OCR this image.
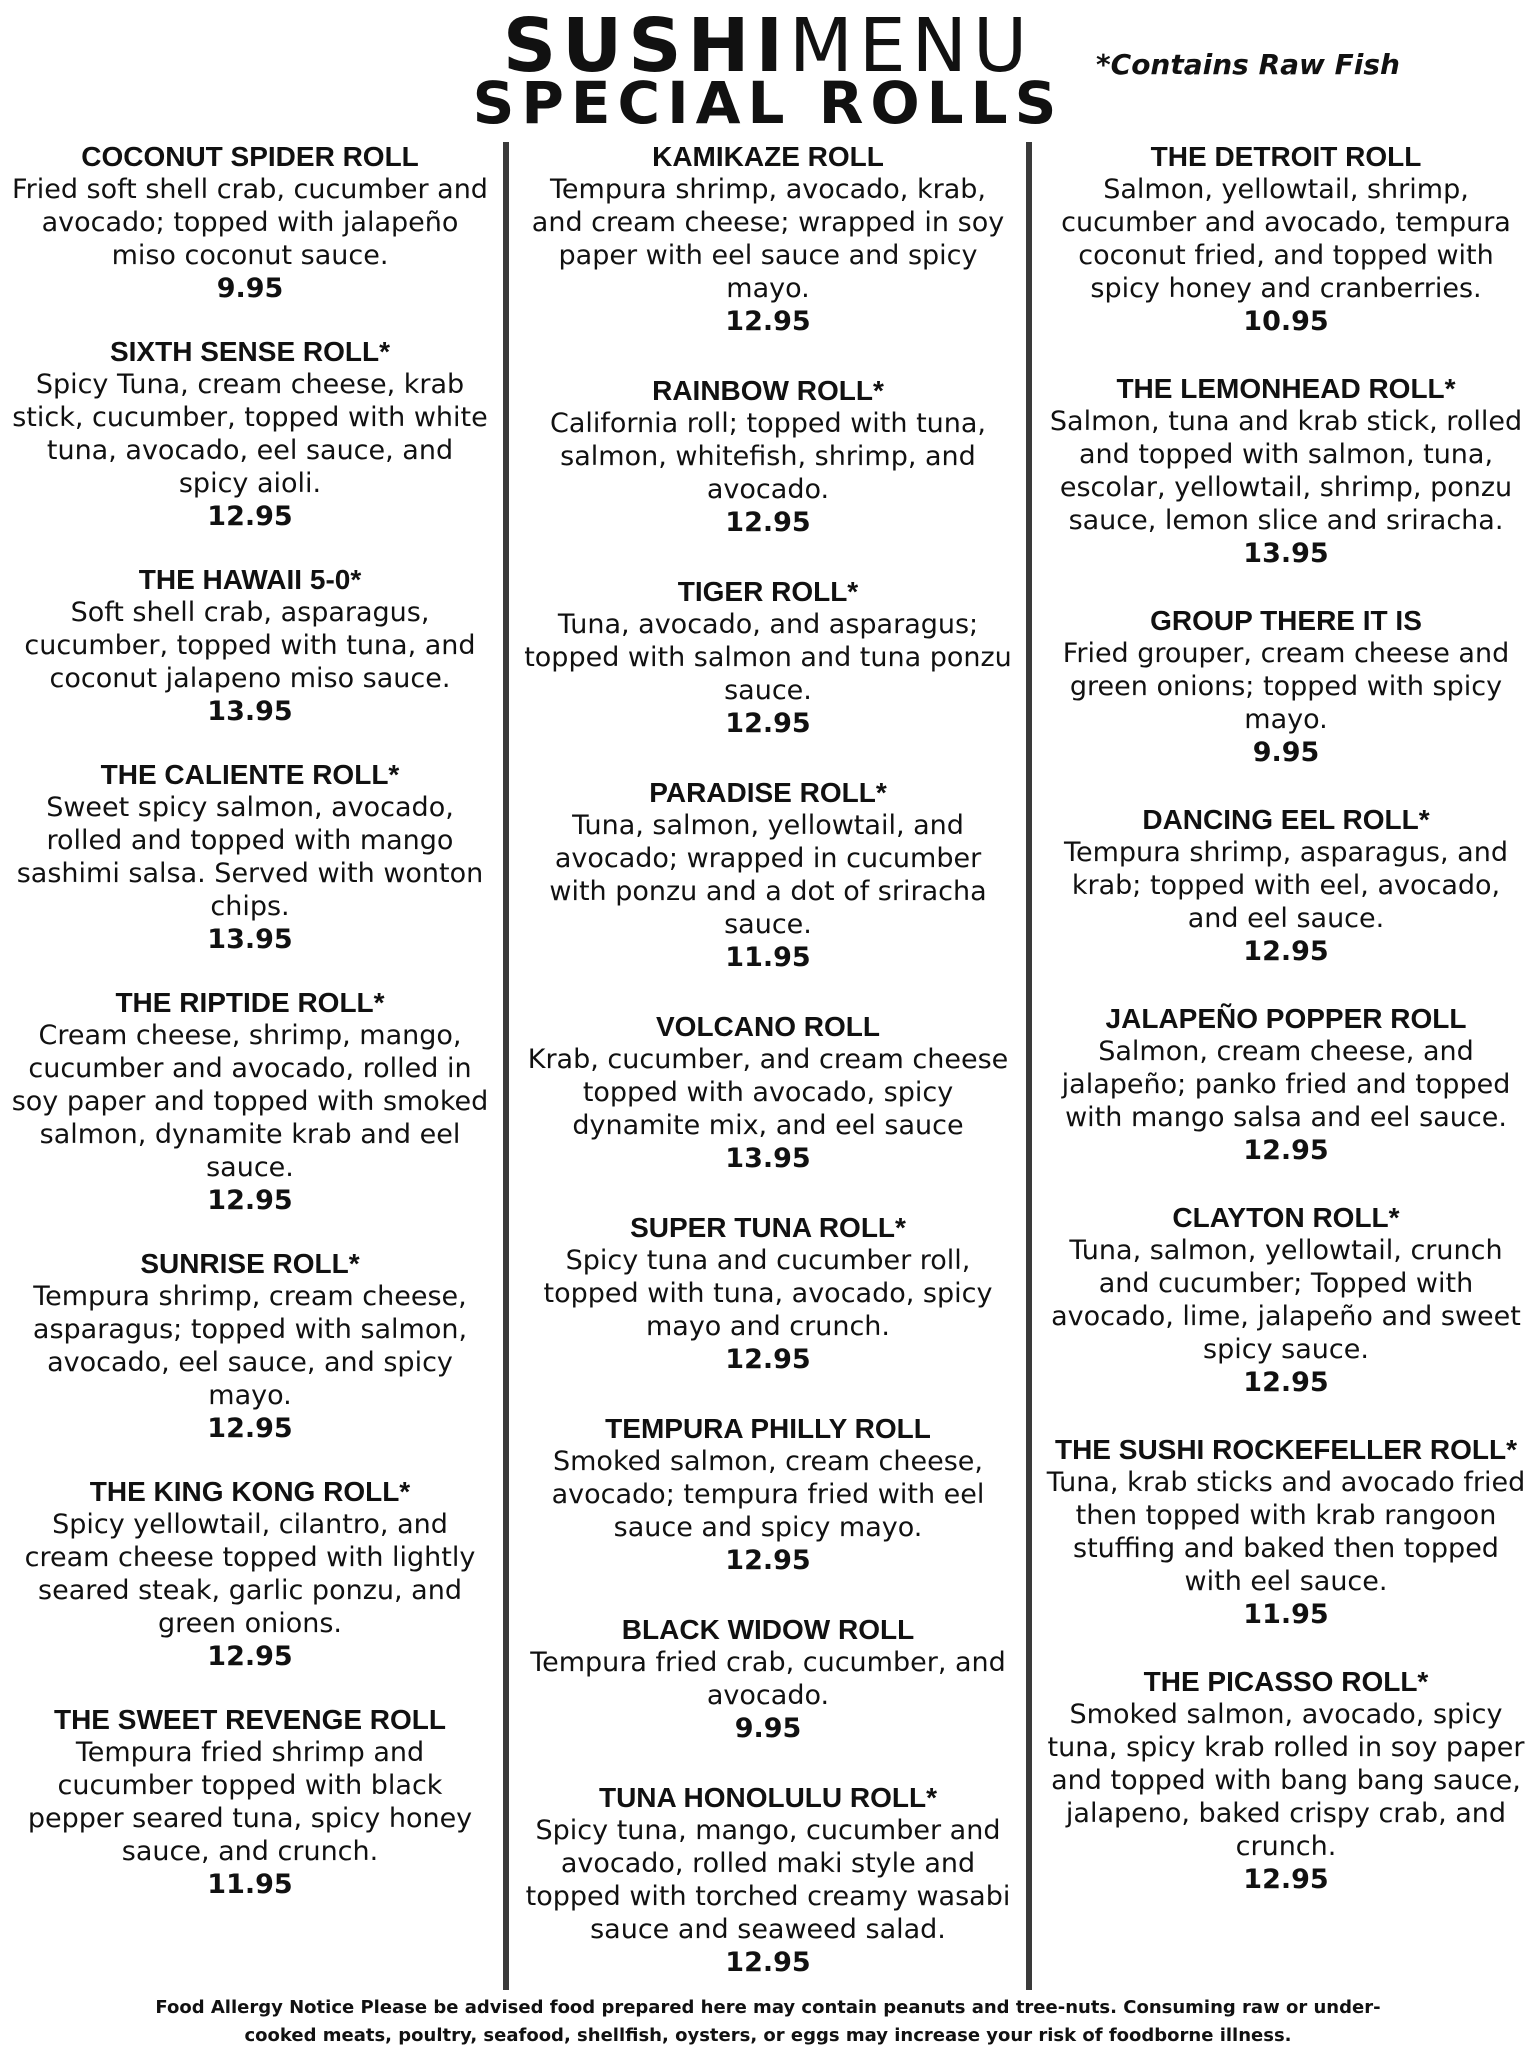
SUSHIMENU
SPECIAL ROLLS
*Contains Raw Fish
COCONUT SPIDER ROLL
Fried soft shell crab, cucumber and avocado; topped with jalapeño miso coconut sauce.
9.95
SIXTH SENSE ROLL*
Spicy Tuna, cream cheese, krab stick, cucumber, topped with white tuna, avocado, eel sauce, and spicy aioli.
12.95
THE HAWAII 5-0*
Soft shell crab, asparagus, cucumber, topped with tuna, and coconut jalapeno miso sauce.
13.95
THE CALIENTE ROLL*
Sweet spicy salmon, avocado, rolled and topped with mango sashimi salsa. Served with wonton chips.
13.95
THE RIPTIDE ROLL*
Cream cheese, shrimp, mango, cucumber and avocado, rolled in soy paper and topped with smoked salmon, dynamite krab and eel sauce.
12.95
SUNRISE ROLL*
Tempura shrimp, cream cheese, asparagus; topped with salmon, avocado, eel sauce, and spicy mayo.
12.95
THE KING KONG ROLL*
Spicy yellowtail, cilantro, and cream cheese topped with lightly seared steak, garlic ponzu, and green onions.
12.95
THE SWEET REVENGE ROLL
Tempura fried shrimp and cucumber topped with black pepper seared tuna, spicy honey sauce, and crunch.
11.95
KAMIKAZE ROLL
Tempura shrimp, avocado, krab, and cream cheese; wrapped in soy paper with eel sauce and spicy mayo.
12.95
RAINBOW ROLL*
California roll; topped with tuna, salmon, whitefish, shrimp, and avocado.
12.95
TIGER ROLL*
Tuna, avocado, and asparagus; topped with salmon and tuna ponzu sauce.
12.95
PARADISE ROLL*
Tuna, salmon, yellowtail, and avocado; wrapped in cucumber with ponzu and a dot of sriracha sauce.
11.95
VOLCANO ROLL
Krab, cucumber, and cream cheese topped with avocado, spicy dynamite mix, and eel sauce
13.95
SUPER TUNA ROLL*
Spicy tuna and cucumber roll, topped with tuna, avocado, spicy mayo and crunch.
12.95
TEMPURA PHILLY ROLL
Smoked salmon, cream cheese, avocado; tempura fried with eel sauce and spicy mayo.
12.95
BLACK WIDOW ROLL
Tempura fried crab, cucumber, and avocado.
9.95
TUNA HONOLULU ROLL*
Spicy tuna, mango, cucumber and avocado, rolled maki style and topped with torched creamy wasabi sauce and seaweed salad.
12.95
THE DETROIT ROLL
Salmon, yellowtail, shrimp, cucumber and avocado, tempura coconut fried, and topped with spicy honey and cranberries.
10.95
THE LEMONHEAD ROLL*
Salmon, tuna and krab stick, rolled and topped with salmon, tuna, escolar, yellowtail, shrimp, ponzu sauce, lemon slice and sriracha.
13.95
GROUP THERE IT IS
Fried grouper, cream cheese and green onions; topped with spicy mayo.
9.95
DANCING EEL ROLL*
Tempura shrimp, asparagus, and krab; topped with eel, avocado, and eel sauce.
12.95
JALAPEÑO POPPER ROLL
Salmon, cream cheese, and jalapeño; panko fried and topped with mango salsa and eel sauce.
12.95
CLAYTON ROLL*
Tuna, salmon, yellowtail, crunch and cucumber; Topped with avocado, lime, jalapeño and sweet spicy sauce.
12.95
THE SUSHI ROCKEFELLER ROLL*
Tuna, krab sticks and avocado fried then topped with krab rangoon stuffing and baked then topped with eel sauce.
11.95
THE PICASSO ROLL*
Smoked salmon, avocado, spicy tuna, spicy krab rolled in soy paper and topped with bang bang sauce, jalapeno, baked crispy crab, and crunch.
12.95
Food Allergy Notice Please be advised food prepared here may contain peanuts and tree-nuts. Consuming raw or under-cooked meats, poultry, seafood, shellfish, oysters, or eggs may increase your risk of foodborne illness.
